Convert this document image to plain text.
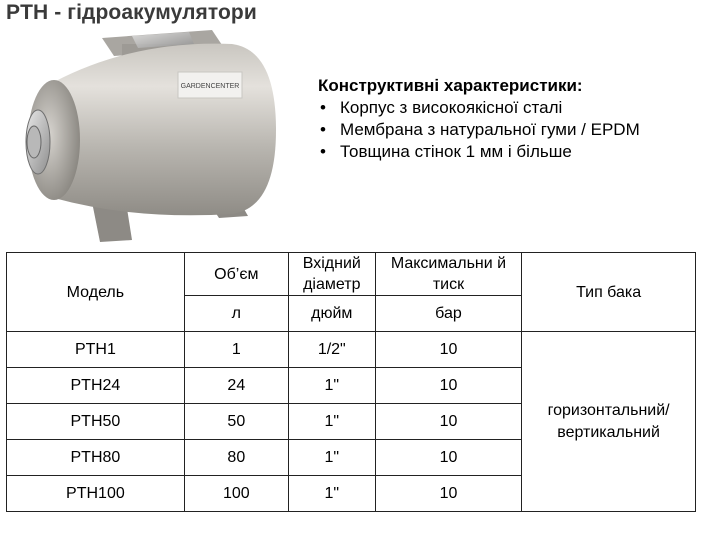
PTH - гідроакумулятори
GARDENCENTER	Конструктивні характеристики:
• Корпус з високоякісної сталі
• Мембрана з натуральної гуми / EPDM
• Товщина стінок 1 мм і більше
Модель	Об’єм	Вхідний діаметр	Максимальни й тиск	Тип бака
	л	дюйм	бар	
PTH1	1	1/2"	10	горизонтальний/ вертикальний
PTH24	24	1"	10	
PTH50	50	1"	10	
PTH80	80	1"	10	
PTH100	100	1"	10	
